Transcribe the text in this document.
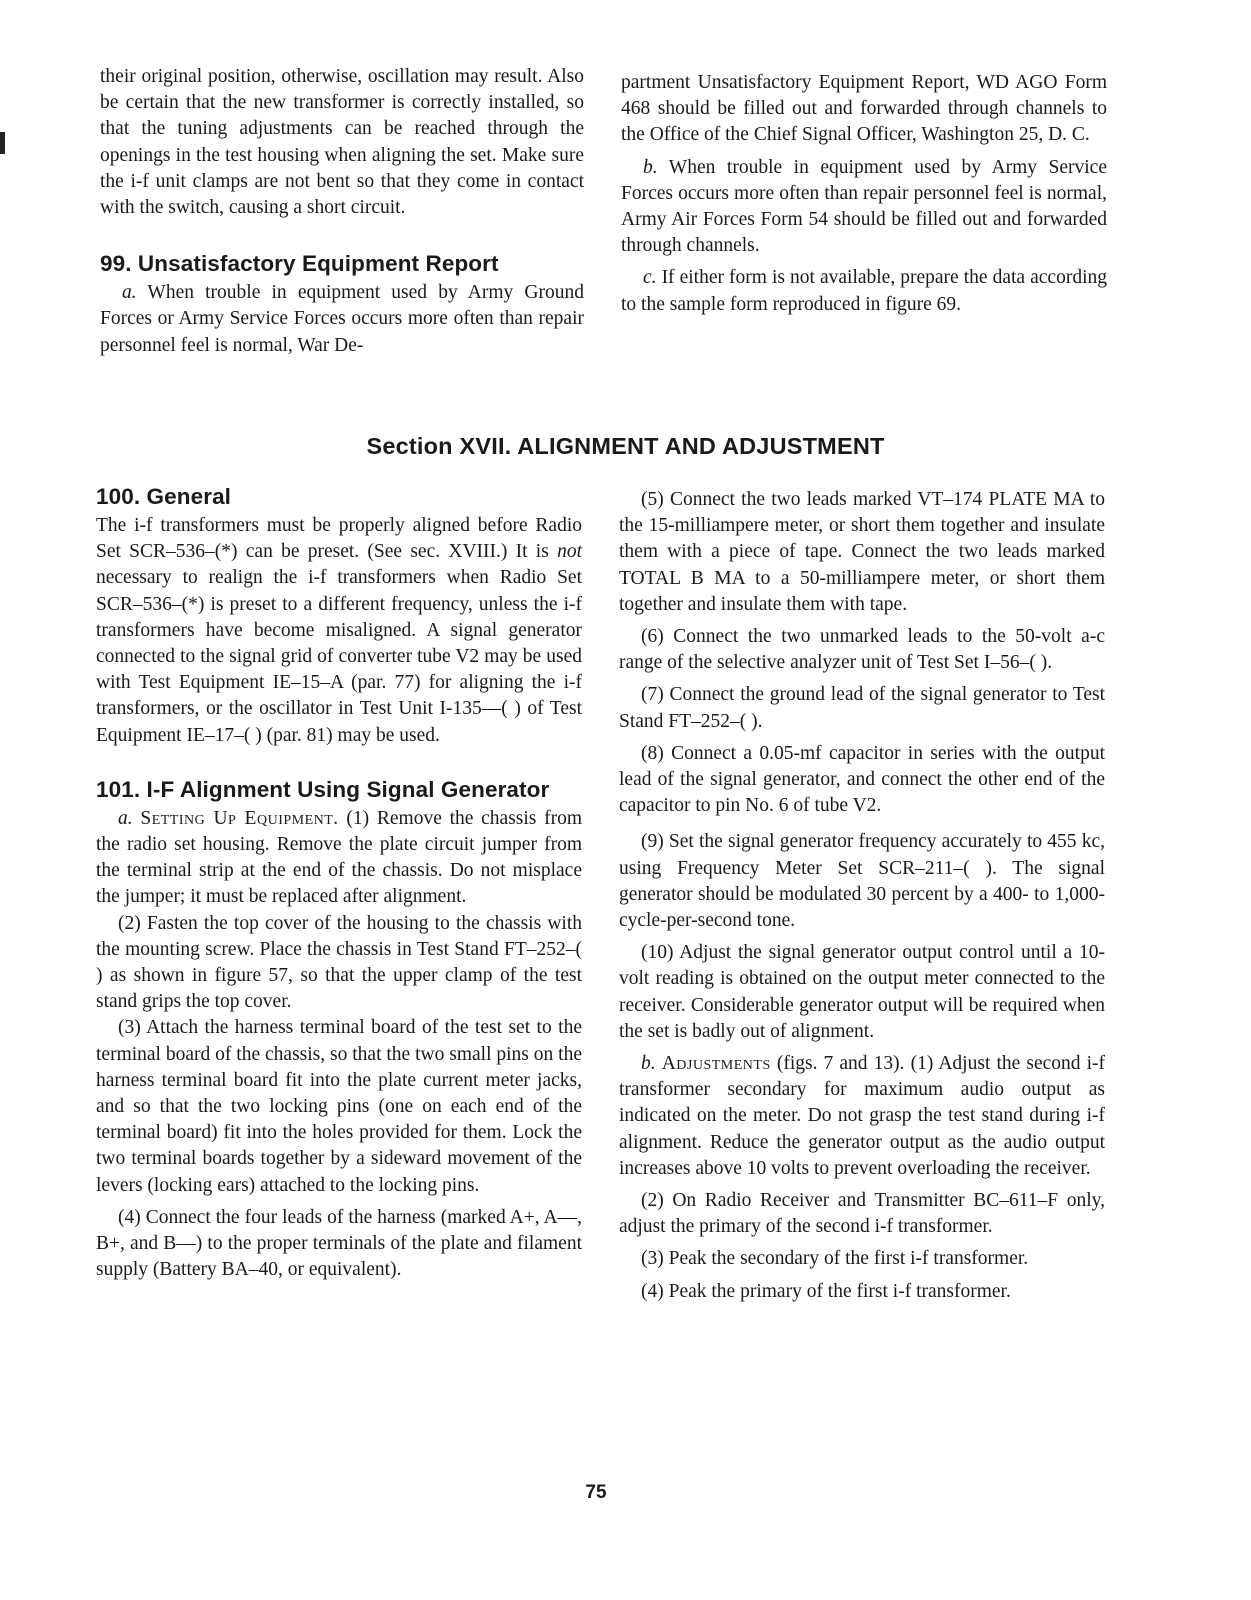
their original position, otherwise, oscillation may result. Also be certain that the new transformer is correctly installed, so that the tuning adjustments can be reached through the openings in the test housing when aligning the set. Make sure the i-f unit clamps are not bent so that they come in contact with the switch, causing a short circuit.

99. Unsatisfactory Equipment Report

a. When trouble in equipment used by Army Ground Forces or Army Service Forces occurs more often than repair personnel feel is normal, War De-

partment Unsatisfactory Equipment Report, WD AGO Form 468 should be filled out and forwarded through channels to the Office of the Chief Signal Officer, Washington 25, D. C.

b. When trouble in equipment used by Army Service Forces occurs more often than repair personnel feel is normal, Army Air Forces Form 54 should be filled out and forwarded through channels.

c. If either form is not available, prepare the data according to the sample form reproduced in figure 69.

Section XVII. ALIGNMENT AND ADJUSTMENT
100. General

The i-f transformers must be properly aligned before Radio Set SCR–536–(*) can be preset. (See sec. XVIII.) It is not necessary to realign the i-f transformers when Radio Set SCR–536–(*) is preset to a different frequency, unless the i-f transformers have become misaligned. A signal generator connected to the signal grid of converter tube V2 may be used with Test Equipment IE–15–A (par. 77) for aligning the i-f transformers, or the oscillator in Test Unit I-135—( ) of Test Equipment IE–17–( ) (par. 81) may be used.

101. I-F Alignment Using Signal Generator

a. Setting Up Equipment. (1) Remove the chassis from the radio set housing. Remove the plate circuit jumper from the terminal strip at the end of the chassis. Do not misplace the jumper; it must be replaced after alignment.

(2) Fasten the top cover of the housing to the chassis with the mounting screw. Place the chassis in Test Stand FT–252–( ) as shown in figure 57, so that the upper clamp of the test stand grips the top cover.

(3) Attach the harness terminal board of the test set to the terminal board of the chassis, so that the two small pins on the harness terminal board fit into the plate current meter jacks, and so that the two locking pins (one on each end of the terminal board) fit into the holes provided for them. Lock the two terminal boards together by a sideward movement of the levers (locking ears) attached to the locking pins.

(4) Connect the four leads of the harness (marked A+, A—, B+, and B—) to the proper terminals of the plate and filament supply (Battery BA–40, or equivalent).

(5) Connect the two leads marked VT–174 PLATE MA to the 15-milliampere meter, or short them together and insulate them with a piece of tape. Connect the two leads marked TOTAL B MA to a 50-milliampere meter, or short them together and insulate them with tape.

(6) Connect the two unmarked leads to the 50-volt a-c range of the selective analyzer unit of Test Set I–56–( ).

(7) Connect the ground lead of the signal generator to Test Stand FT–252–( ).

(8) Connect a 0.05-mf capacitor in series with the output lead of the signal generator, and connect the other end of the capacitor to pin No. 6 of tube V2.

(9) Set the signal generator frequency accurately to 455 kc, using Frequency Meter Set SCR–211–( ). The signal generator should be modulated 30 percent by a 400- to 1,000-cycle-per-second tone.

(10) Adjust the signal generator output control until a 10-volt reading is obtained on the output meter connected to the receiver. Considerable generator output will be required when the set is badly out of alignment.

b. Adjustments (figs. 7 and 13). (1) Adjust the second i-f transformer secondary for maximum audio output as indicated on the meter. Do not grasp the test stand during i-f alignment. Reduce the generator output as the audio output increases above 10 volts to prevent overloading the receiver.

(2) On Radio Receiver and Transmitter BC–611–F only, adjust the primary of the second i-f transformer.

(3) Peak the secondary of the first i-f transformer.

(4) Peak the primary of the first i-f transformer.

75
